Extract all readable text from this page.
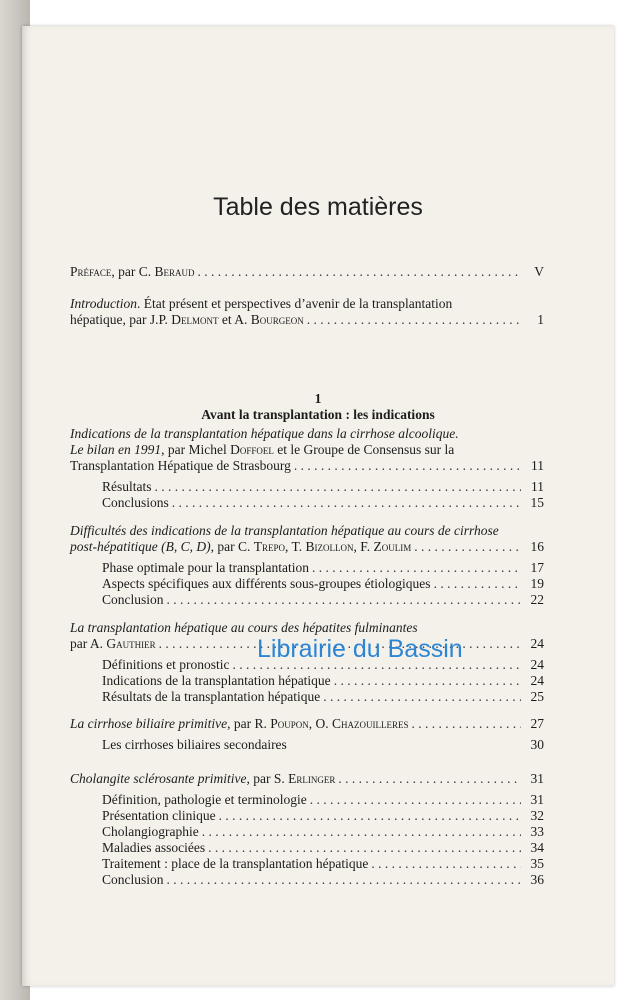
Table des matières
Préface, par C. Beraud . . .	V
Introduction. État présent et perspectives d’avenir de la transplantation
hépatique, par J.P. Delmont et A. Bourgeon . . .	1
1
Avant la transplantation : les indications
Indications de la transplantation hépatique dans la cirrhose alcoolique.
Le bilan en 1991, par Michel Doffoel et le Groupe de Consensus sur la
Transplantation Hépatique de Strasbourg . . .	11
Résultats . . .	11
Conclusions . . .	15
Difficultés des indications de la transplantation hépatique au cours de cirrhose
post-hépatitique (B, C, D), par C. Trepo, T. Bizollon, F. Zoulim . . .	16
Phase optimale pour la transplantation . . .	17
Aspects spécifiques aux différents sous-groupes étiologiques . . .	19
Conclusion . . .	22
La transplantation hépatique au cours des hépatites fulminantes
par A. Gauthier . . .	24
Définitions et pronostic . . .	24
Indications de la transplantation hépatique . . .	24
Résultats de la transplantation hépatique . . .	25
La cirrhose biliaire primitive, par R. Poupon, O. Chazouilleres . . .	27
Les cirrhoses biliaires secondaires	30
Cholangite sclérosante primitive, par S. Erlinger . . .	31
Définition, pathologie et terminologie . . .	31
Présentation clinique . . .	32
Cholangiographie . . .	33
Maladies associées . . .	34
Traitement : place de la transplantation hépatique . . .	35
Conclusion . . .	36
Librairie du Bassin
